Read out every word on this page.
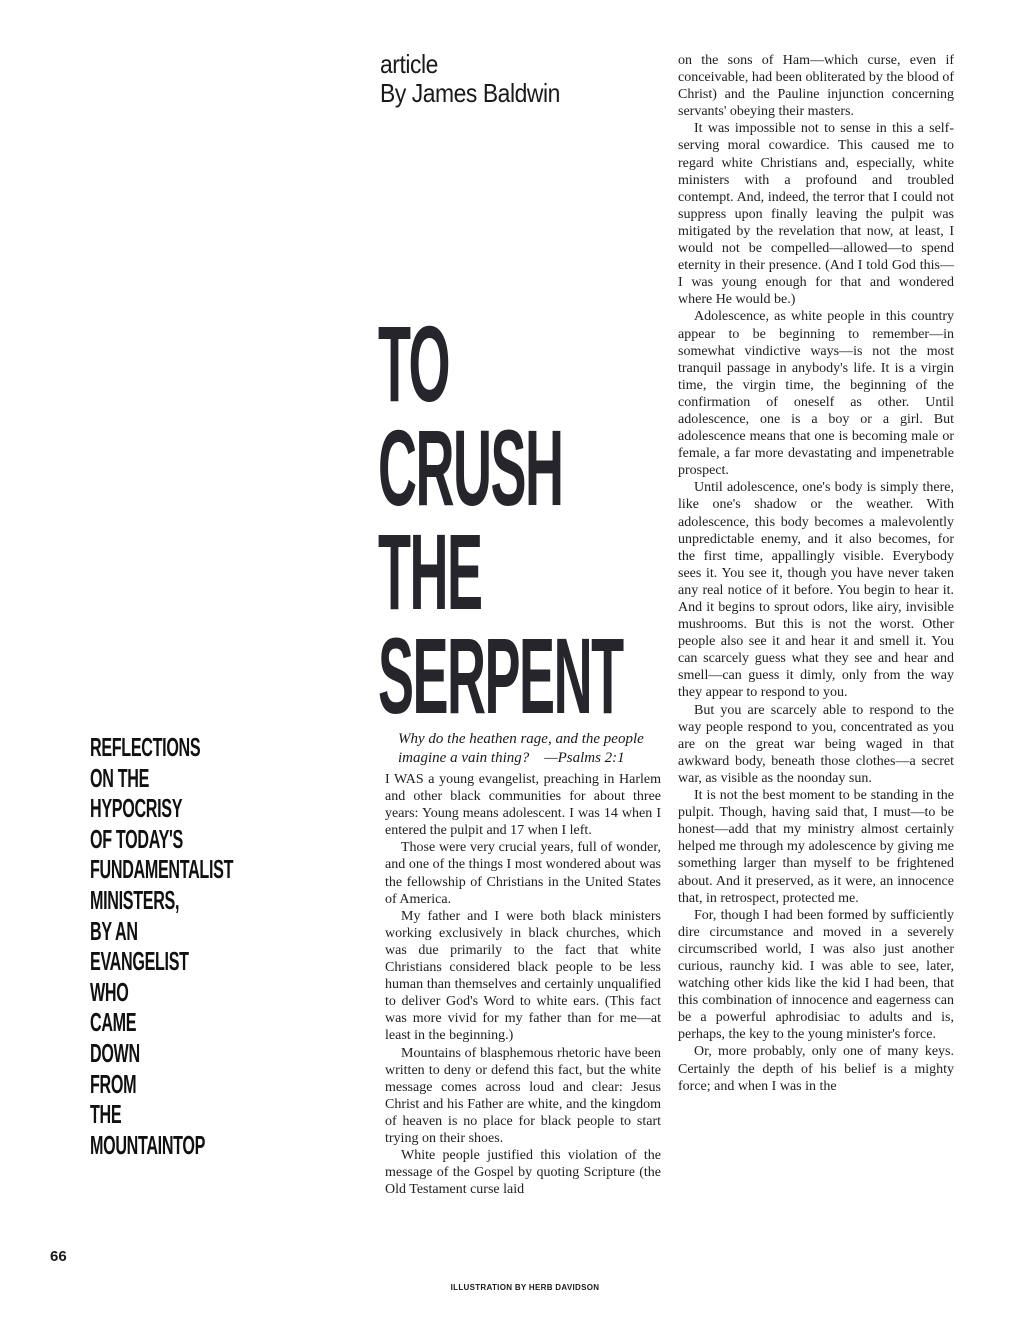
article
By James Baldwin
TO
CRUSH
THE
SERPENT
Why do the heathen rage, and the people
imagine a vain thing? —Psalms 2:1
REFLECTIONS
ON THE
HYPOCRISY
OF TODAY'S
FUNDAMENTALIST
MINISTERS,
BY AN
EVANGELIST
WHO
CAME
DOWN
FROM
THE
MOUNTAINTOP

I WAS a young evangelist, preaching in Harlem and other black communities for about three years: Young means adolescent. I was 14 when I entered the pulpit and 17 when I left.

Those were very crucial years, full of wonder, and one of the things I most wondered about was the fellowship of Christians in the United States of America.

My father and I were both black ministers working exclusively in black churches, which was due primarily to the fact that white Christians considered black people to be less human than themselves and certainly unqualified to deliver God's Word to white ears. (This fact was more vivid for my father than for me—at least in the beginning.)

Mountains of blasphemous rhetoric have been written to deny or defend this fact, but the white message comes across loud and clear: Jesus Christ and his Father are white, and the kingdom of heaven is no place for black people to start trying on their shoes.

White people justified this violation of the message of the Gospel by quoting Scripture (the Old Testament curse laid

on the sons of Ham—which curse, even if conceivable, had been obliterated by the blood of Christ) and the Pauline injunction concerning servants' obeying their masters.

It was impossible not to sense in this a self-serving moral cowardice. This caused me to regard white Christians and, especially, white ministers with a profound and troubled contempt. And, indeed, the terror that I could not suppress upon finally leaving the pulpit was mitigated by the revelation that now, at least, I would not be compelled—allowed—to spend eternity in their presence. (And I told God this—I was young enough for that and wondered where He would be.)

Adolescence, as white people in this country appear to be beginning to remember—in somewhat vindictive ways—is not the most tranquil passage in anybody's life. It is a virgin time, the virgin time, the beginning of the confirmation of oneself as other. Until adolescence, one is a boy or a girl. But adolescence means that one is becoming male or female, a far more devastating and impenetrable prospect.

Until adolescence, one's body is simply there, like one's shadow or the weather. With adolescence, this body becomes a malevolently unpredictable enemy, and it also becomes, for the first time, appallingly visible. Everybody sees it. You see it, though you have never taken any real notice of it before. You begin to hear it. And it begins to sprout odors, like airy, invisible mushrooms. But this is not the worst. Other people also see it and hear it and smell it. You can scarcely guess what they see and hear and smell—can guess it dimly, only from the way they appear to respond to you.

But you are scarcely able to respond to the way people respond to you, concentrated as you are on the great war being waged in that awkward body, beneath those clothes—a secret war, as visible as the noonday sun.

It is not the best moment to be standing in the pulpit. Though, having said that, I must—to be honest—add that my ministry almost certainly helped me through my adolescence by giving me something larger than myself to be frightened about. And it preserved, as it were, an innocence that, in retrospect, protected me.

For, though I had been formed by sufficiently dire circumstance and moved in a severely circumscribed world, I was also just another curious, raunchy kid. I was able to see, later, watching other kids like the kid I had been, that this combination of innocence and eagerness can be a powerful aphrodisiac to adults and is, perhaps, the key to the young minister's force.

Or, more probably, only one of many keys. Certainly the depth of his belief is a mighty force; and when I was in the

66
ILLUSTRATION BY HERB DAVIDSON
